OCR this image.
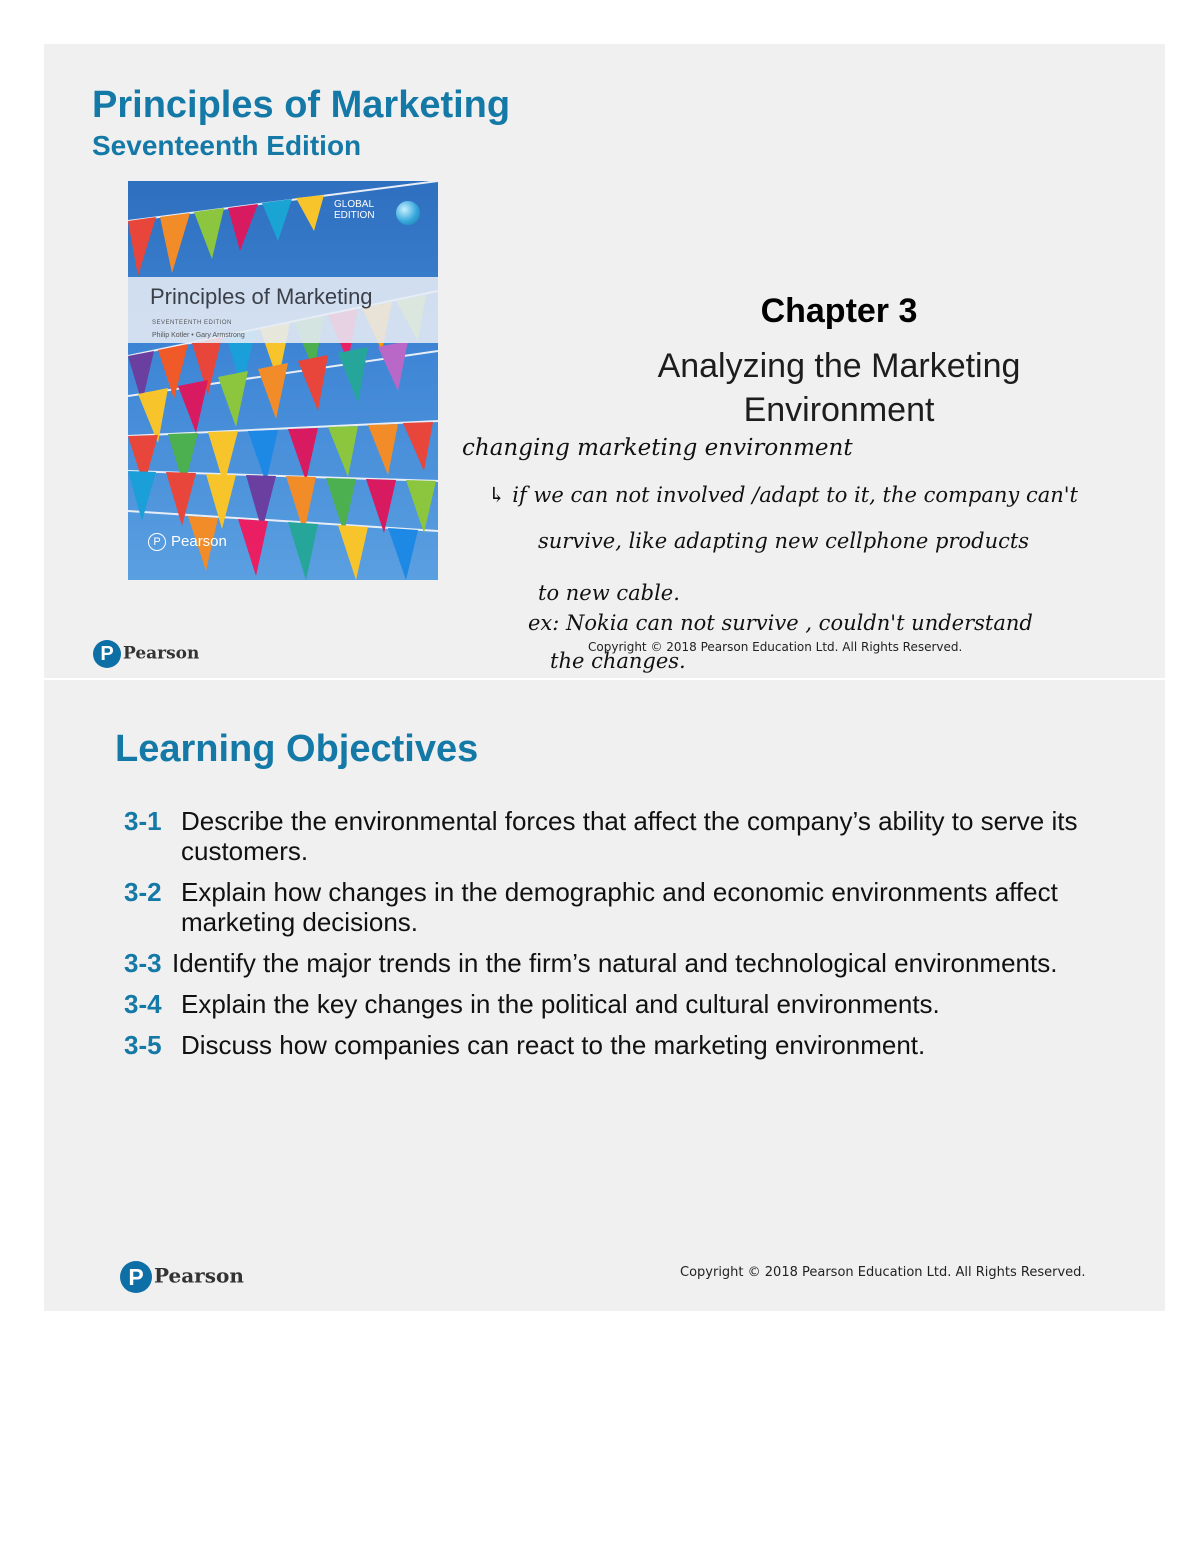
Principles of Marketing
Seventeenth Edition
Principles of Marketing
SEVENTEENTH EDITION
Philip Kotler • Gary Armstrong
GLOBAL
EDITION
P Pearson
Chapter 3

Analyzing the Marketing
Environment

P Pearson	Copyright © 2018 Pearson Education Ltd. All Rights Reserved.
changing marketing environment
↳ if we can not involved /adapt to it, the company can't
survive, like adapting new cellphone products
to new cable.
ex: Nokia can not survive , couldn't understand
the changes.
Learning Objectives
3-1 Describe the environmental forces that affect the company’s ability to serve its customers.
3-2 Explain how changes in the demographic and economic environments affect marketing decisions.
3-3 Identify the major trends in the firm’s natural and technological environments.
3-4 Explain the key changes in the political and cultural environments.
3-5 Discuss how companies can react to the marketing environment.
P Pearson	Copyright © 2018 Pearson Education Ltd. All Rights Reserved.
